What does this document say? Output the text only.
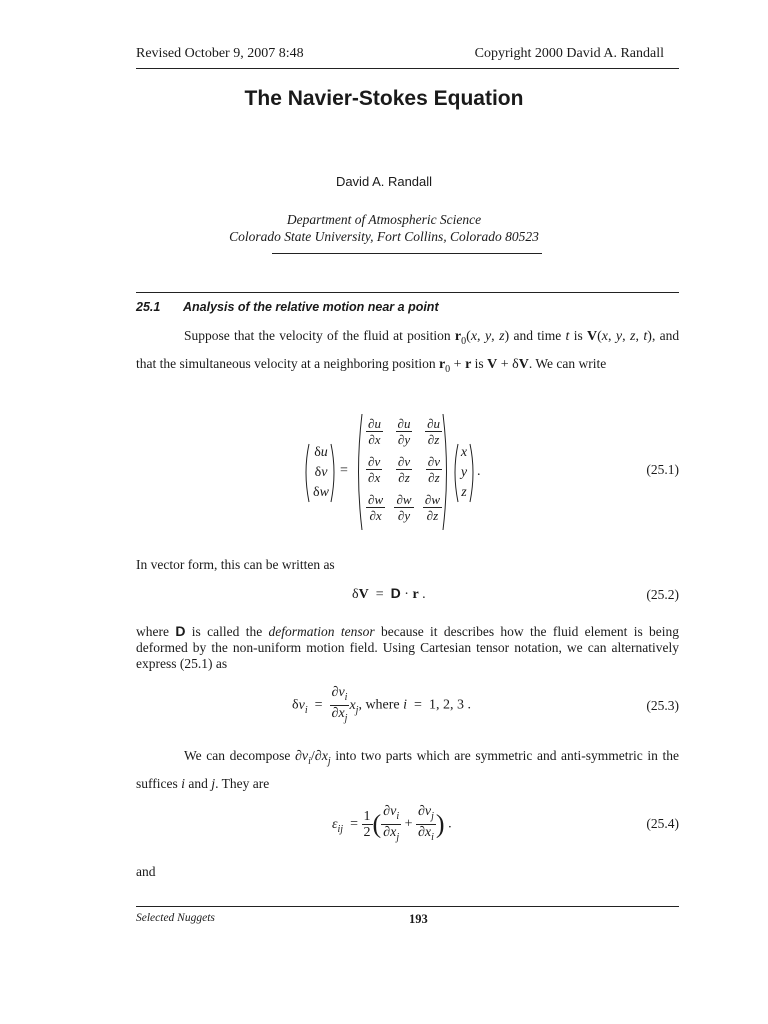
Revised October 9, 2007 8:48	Copyright 2000 David A. Randall
The Navier-Stokes Equation
David A. Randall
Department of Atmospheric Science
Colorado State University, Fort Collins, Colorado 80523
25.1 Analysis of the relative motion near a point

Suppose that the velocity of the fluid at position $r_0(x$, y, z) and time t is V(x, y, z, t), and that the simultaneous velocity at a neighboring position $r_0 + r$ is V + δV. We can write

δu
δv
δw
=
$\frac{\partial u}{\partial x} \frac{\partial u}{\partial y} \frac{\partial u}{\partial z}$
$\frac{\partial v}{\partial x} \frac{\partial v}{\partial z} \frac{\partial v}{\partial z}$
$\frac{\partial w}{\partial x} \frac{\partial w}{\partial y} \frac{\partial w}{\partial z}$
x
y
z
.	(25.1)
In vector form, this can be written as
δV  =  D · r .	(25.2)

where D is called the deformation tensor because it describes how the fluid element is being deformed by the non-uniform motion field. Using Cartesian tensor notation, we can alternatively express (25.1) as

$\delta v_i = \frac{\partial v_i}{\partial x_j} x_j$, where i  =  1, 2, 3 .	(25.3)

We can decompose $\partial v_i/\partial x_j$ into two parts which are symmetric and anti-symmetric in the suffices i and j. They are

$\varepsilon_{ij} = \frac{1}{2}$ ( $\frac{\partial v_i}{\partial x_j} + \frac{\partial v_j}{\partial x_i}$ ) .	(25.4)
and
Selected Nuggets	193
